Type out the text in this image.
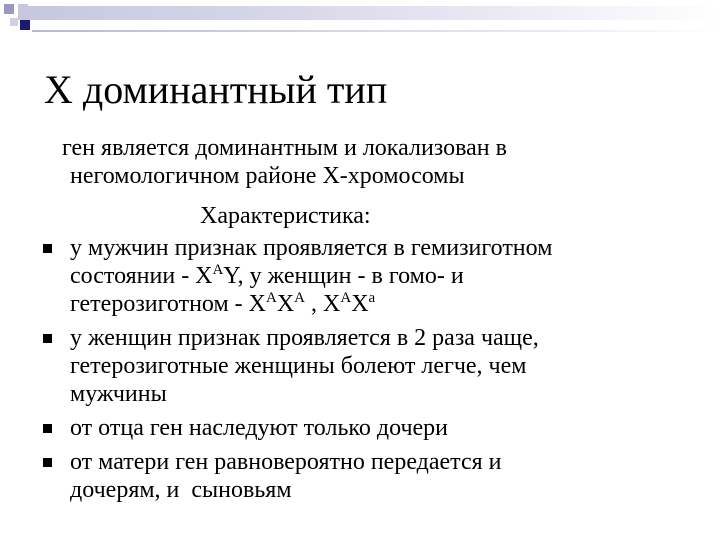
Х доминантный тип
ген является доминантным и локализован в
негомологичном районе Х-хромосомы
Характеристика:
у мужчин признак проявляется в гемизиготном
состоянии - $Х^АY$, у женщин - в гомо- и
гетерозиготном - $Х^АХ^А$ , $Х^АХ^а$
у женщин признак проявляется в 2 раза чаще,
гетерозиготные женщины болеют легче, чем
мужчины
от отца ген наследуют только дочери
от матери ген равновероятно передается и
дочерям, и  сыновьям
